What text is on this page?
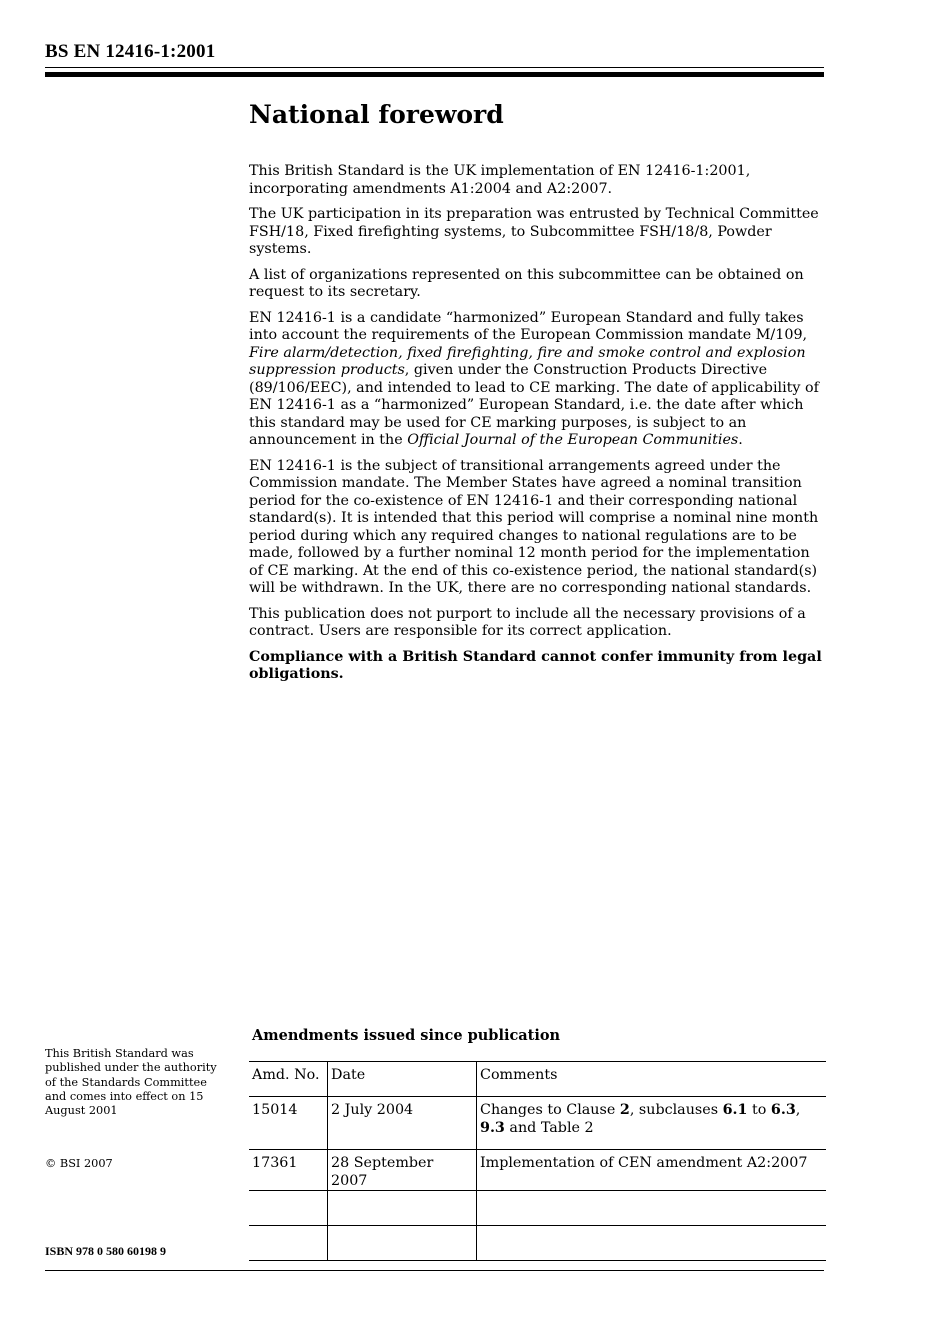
BS EN 12416-1:2001
National foreword

This British Standard is the UK implementation of EN 12416-1:2001, incorporating amendments A1:2004 and A2:2007.

The UK participation in its preparation was entrusted by Technical Committee FSH/18, Fixed firefighting systems, to Subcommittee FSH/18/8, Powder systems.

A list of organizations represented on this subcommittee can be obtained on request to its secretary.

EN 12416-1 is a candidate “harmonized” European Standard and fully takes into account the requirements of the European Commission mandate M/109, Fire alarm/detection, fixed firefighting, fire and smoke control and explosion suppression products, given under the Construction Products Directive (89/106/EEC), and intended to lead to CE marking. The date of applicability of EN 12416-1 as a “harmonized” European Standard, i.e. the date after which this standard may be used for CE marking purposes, is subject to an announcement in the Official Journal of the European Communities.

EN 12416-1 is the subject of transitional arrangements agreed under the Commission mandate. The Member States have agreed a nominal transition period for the co-existence of EN 12416-1 and their corresponding national standard(s). It is intended that this period will comprise a nominal nine month period during which any required changes to national regulations are to be made, followed by a further nominal 12 month period for the implementation of CE marking. At the end of this co-existence period, the national standard(s) will be withdrawn. In the UK, there are no corresponding national standards.

This publication does not purport to include all the necessary provisions of a contract. Users are responsible for its correct application.

Compliance with a British Standard cannot confer immunity from legal obligations.

This British Standard was published under the authority of the Standards Committee and comes into effect on 15 August 2001
© BSI 2007
ISBN 978 0 580 60198 9
Amendments issued since publication
Amd. No.	Date	Comments
15014	2 July 2004	Changes to Clause 2, subclauses 6.1 to 6.3, 9.3 and Table 2
17361	28 September 2007	Implementation of CEN amendment A2:2007
